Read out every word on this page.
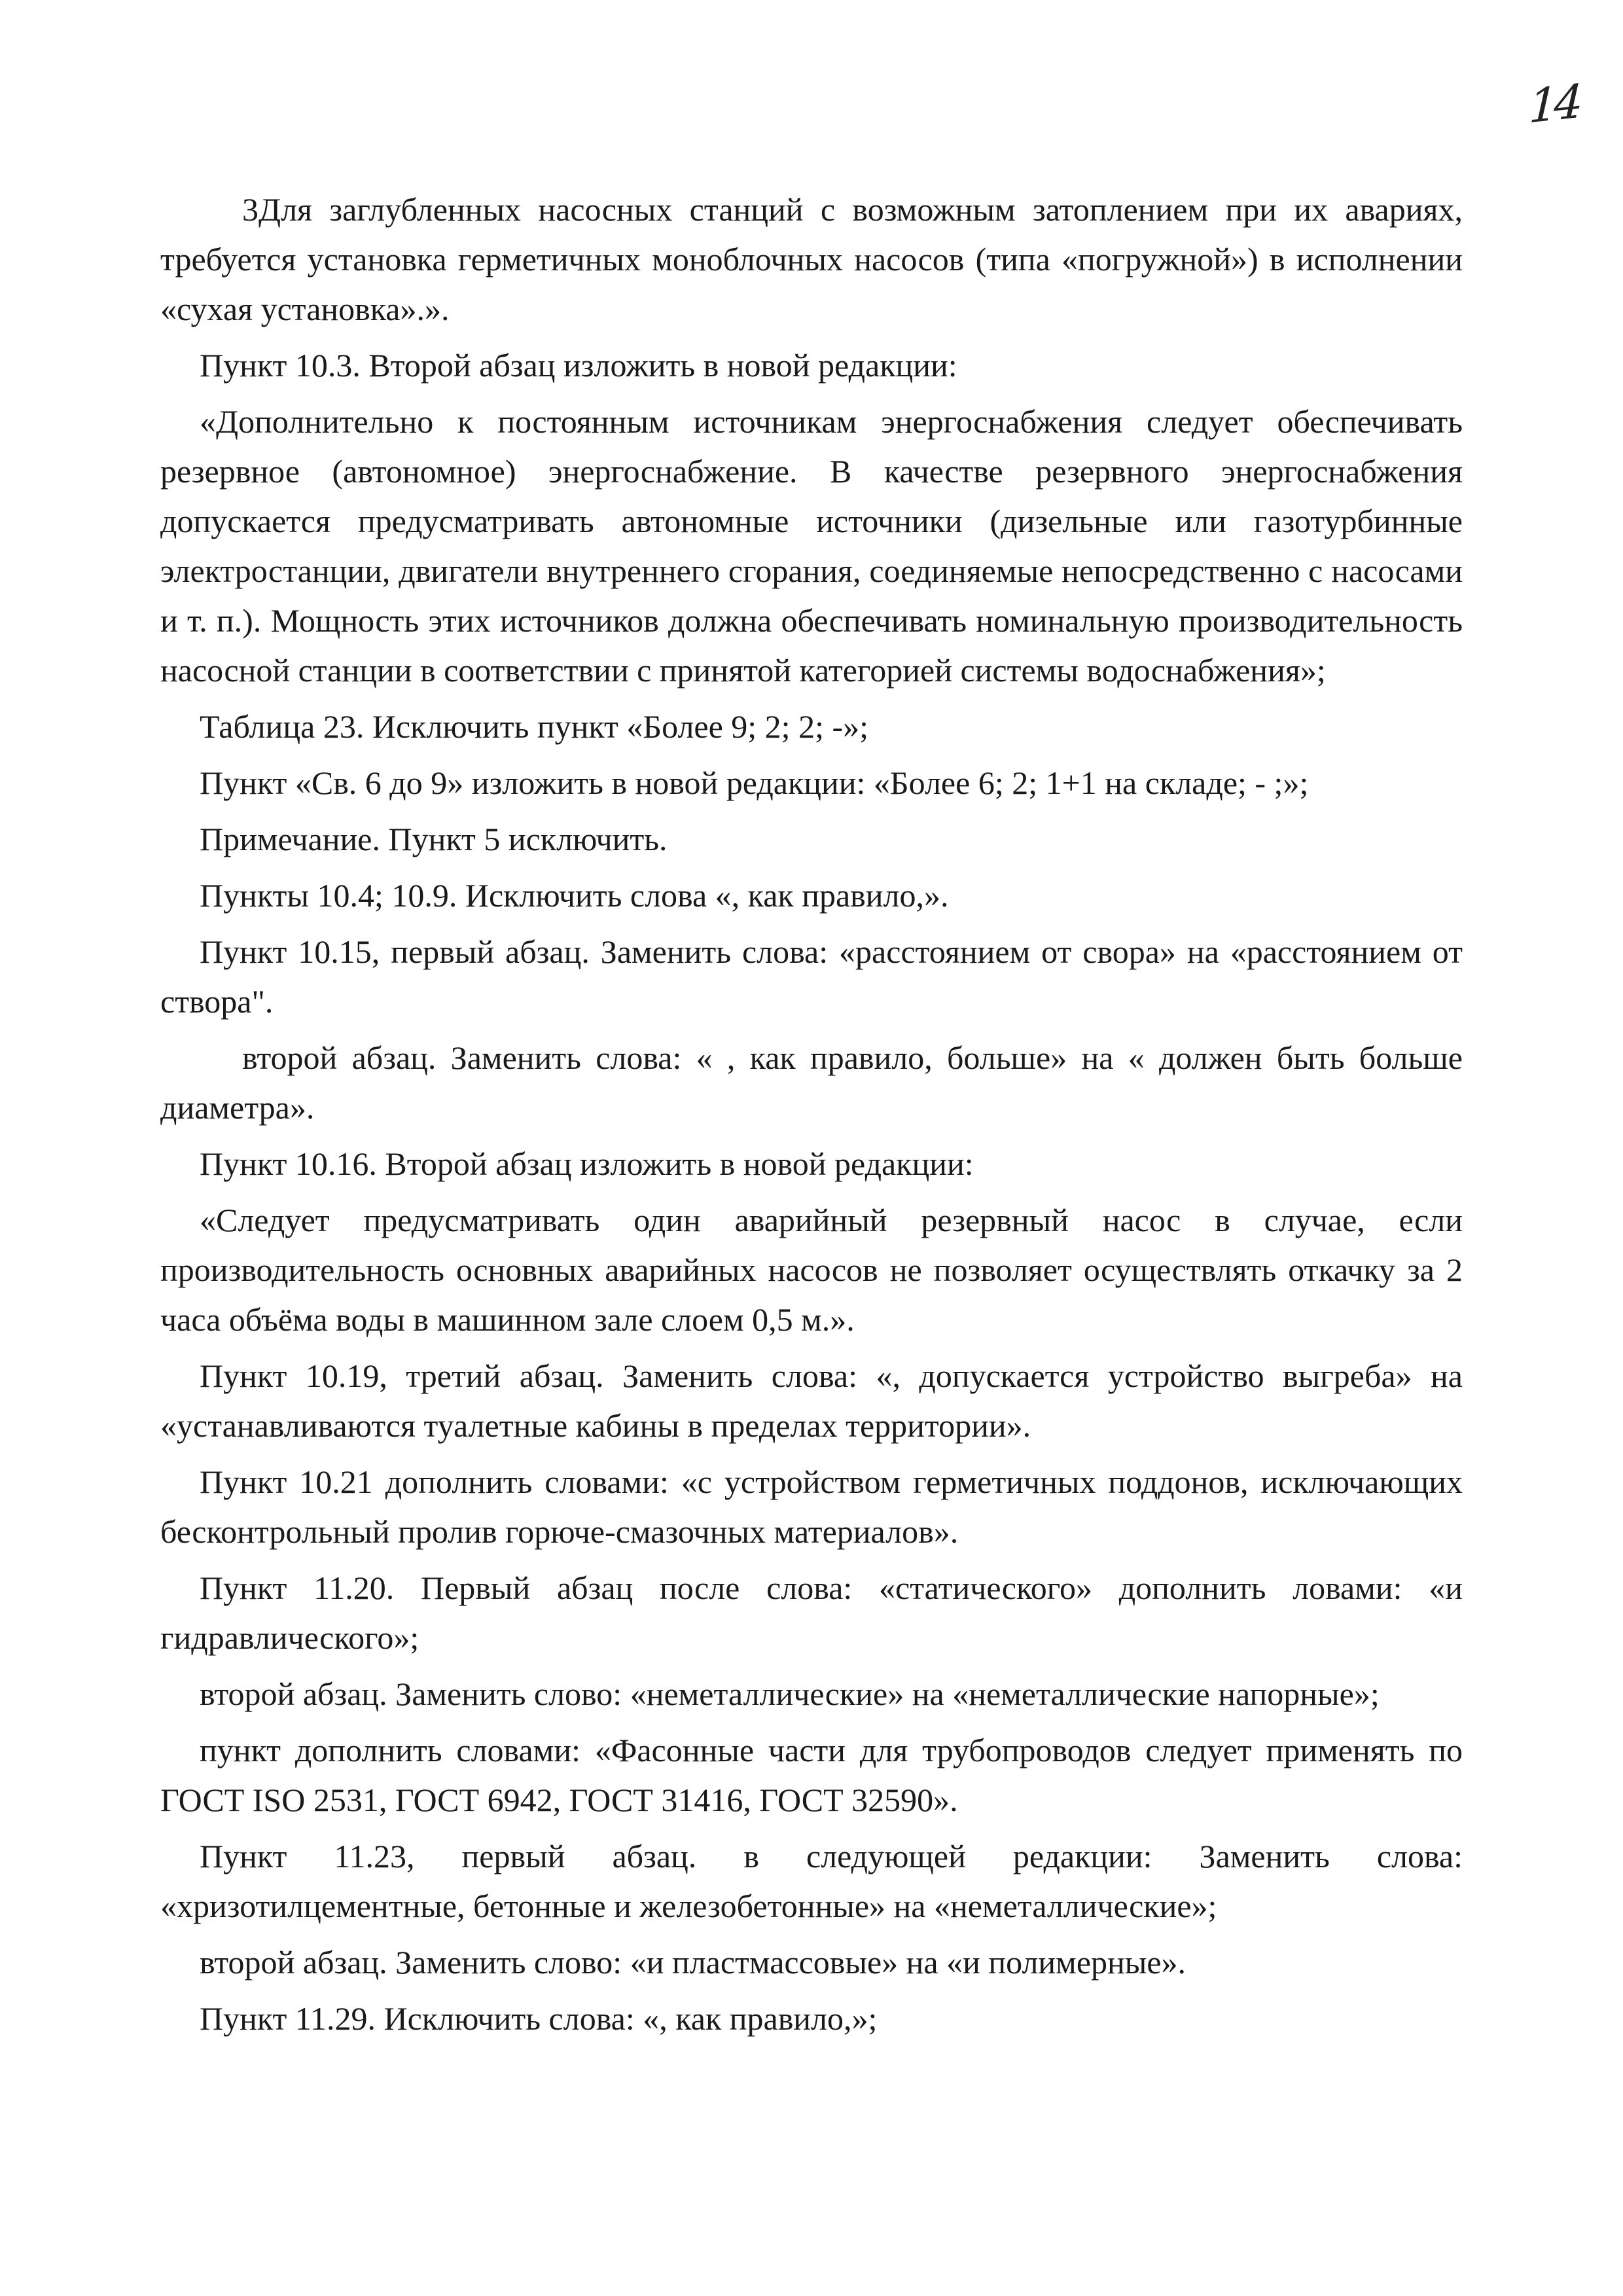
14

3Для заглубленных насосных станций с возможным затоплением при их авариях, требуется установка герметичных моноблочных насосов (типа «погружной») в исполнении «сухая установка».».

Пункт 10.3. Второй абзац изложить в новой редакции:

«Дополнительно к постоянным источникам энергоснабжения следует обеспечивать резервное (автономное) энергоснабжение. В качестве резервного энергоснабжения допускается предусматривать автономные источники (дизельные или газотурбинные электростанции, двигатели внутреннего сгорания, соединяемые непосредственно с насосами и т. п.). Мощность этих источников должна обеспечивать номинальную производительность насосной станции в соответствии с принятой категорией системы водоснабжения»;

Таблица 23. Исключить пункт «Более 9; 2; 2; -»;

Пункт «Св. 6 до 9» изложить в новой редакции: «Более 6; 2; 1+1 на складе; - ;»;

Примечание. Пункт 5 исключить.

Пункты 10.4; 10.9. Исключить слова «, как правило,».

Пункт 10.15, первый абзац. Заменить слова: «расстоянием от свора» на «расстоянием от створа".

второй абзац. Заменить слова: « , как правило, больше» на « должен быть больше диаметра».

Пункт 10.16. Второй абзац изложить в новой редакции:

«Следует предусматривать один аварийный резервный насос в случае, если производительность основных аварийных насосов не позволяет осуществлять откачку за 2 часа объёма воды в машинном зале слоем 0,5 м.».

Пункт 10.19, третий абзац. Заменить слова: «, допускается устройство выгреба» на «устанавливаются туалетные кабины в пределах территории».

Пункт 10.21 дополнить словами: «с устройством герметичных поддонов, исключающих бесконтрольный пролив горюче-смазочных материалов».

Пункт 11.20. Первый абзац после слова: «статического» дополнить ловами: «и гидравлического»;

второй абзац. Заменить слово: «неметаллические» на «неметаллические напорные»;

пункт дополнить словами: «Фасонные части для трубопроводов следует применять по ГОСТ ISO 2531, ГОСТ 6942, ГОСТ 31416, ГОСТ 32590».

Пункт 11.23, первый абзац. в следующей редакции: Заменить слова: «хризотилцементные, бетонные и железобетонные» на «неметаллические»;

второй абзац. Заменить слово: «и пластмассовые» на «и полимерные».

Пункт 11.29. Исключить слова: «, как правило,»;
